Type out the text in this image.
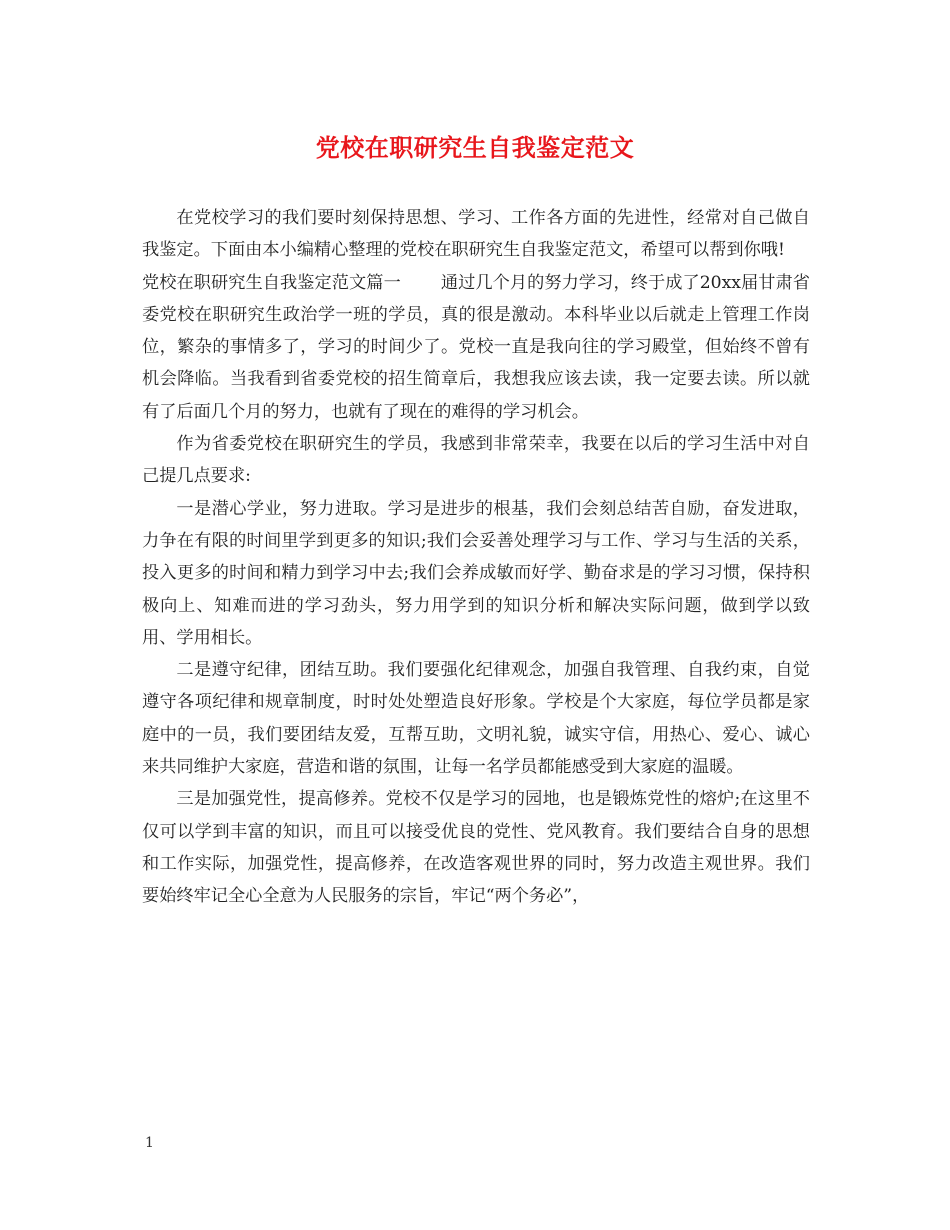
党校在职研究生自我鉴定范文

在党校学习的我们要时刻保持思想、学习、工作各方面的先进性，经常对自己做自我鉴定。下面由本小编精心整理的党校在职研究生自我鉴定范文，希望可以帮到你哦!

党校在职研究生自我鉴定范文篇一 通过几个月的努力学习，终于成了20xx届甘肃省委党校在职研究生政治学一班的学员，真的很是激动。本科毕业以后就走上管理工作岗位，繁杂的事情多了，学习的时间少了。党校一直是我向往的学习殿堂，但始终不曾有机会降临。当我看到省委党校的招生简章后，我想我应该去读，我一定要去读。所以就有了后面几个月的努力，也就有了现在的难得的学习机会。

作为省委党校在职研究生的学员，我感到非常荣幸，我要在以后的学习生活中对自己提几点要求:

一是潜心学业，努力进取。学习是进步的根基，我们会刻总结苦自励，奋发进取，力争在有限的时间里学到更多的知识;我们会妥善处理学习与工作、学习与生活的关系，投入更多的时间和精力到学习中去;我们会养成敏而好学、勤奋求是的学习习惯，保持积极向上、知难而进的学习劲头，努力用学到的知识分析和解决实际问题，做到学以致用、学用相长。

二是遵守纪律，团结互助。我们要强化纪律观念，加强自我管理、自我约束，自觉遵守各项纪律和规章制度，时时处处塑造良好形象。学校是个大家庭，每位学员都是家庭中的一员，我们要团结友爱，互帮互助，文明礼貌，诚实守信，用热心、爱心、诚心来共同维护大家庭，营造和谐的氛围，让每一名学员都能感受到大家庭的温暖。

三是加强党性，提高修养。党校不仅是学习的园地，也是锻炼党性的熔炉;在这里不仅可以学到丰富的知识，而且可以接受优良的党性、党风教育。我们要结合自身的思想和工作实际，加强党性，提高修养，在改造客观世界的同时，努力改造主观世界。我们要始终牢记全心全意为人民服务的宗旨，牢记“两个务必”，

1
